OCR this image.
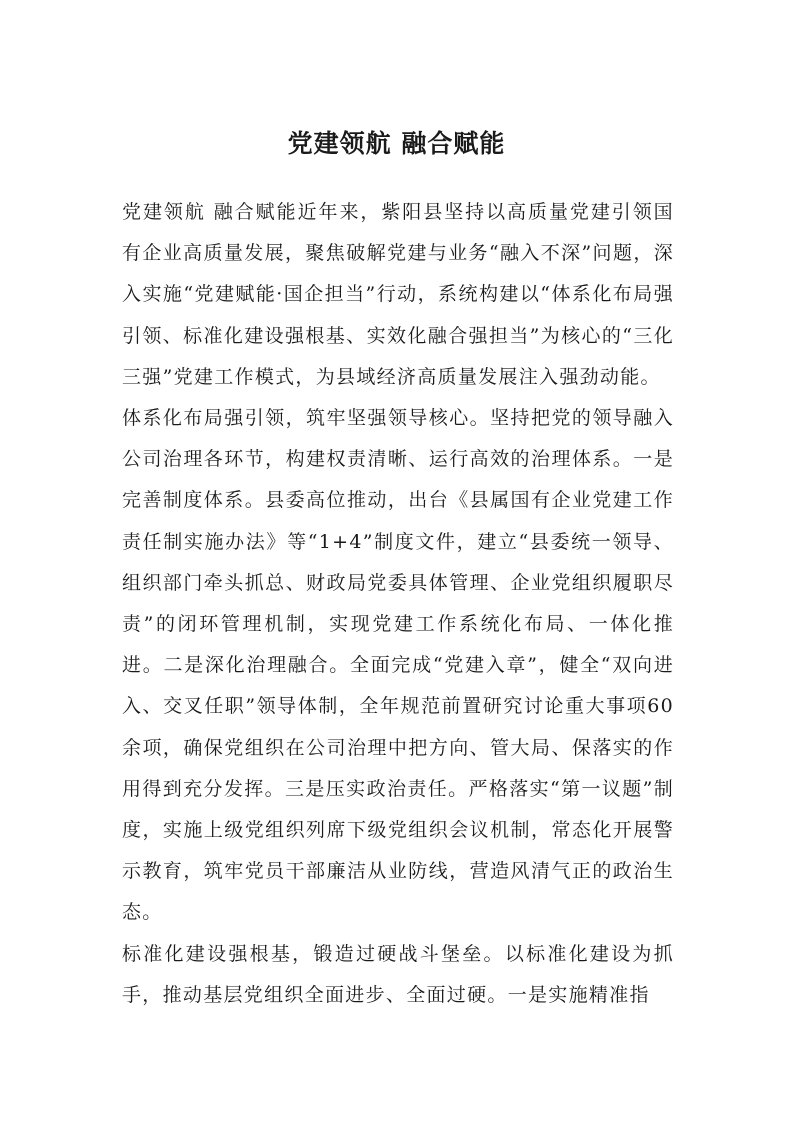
党建领航 融合赋能

党建领航 融合赋能近年来，紫阳县坚持以高质量党建引领国有企业高质量发展，聚焦破解党建与业务“融入不深”问题，深入实施“党建赋能·国企担当”行动，系统构建以“体系化布局强引领、标准化建设强根基、实效化融合强担当”为核心的“三化三强”党建工作模式，为县域经济高质量发展注入强劲动能。

体系化布局强引领，筑牢坚强领导核心。坚持把党的领导融入公司治理各环节，构建权责清晰、运行高效的治理体系。一是完善制度体系。县委高位推动，出台《县属国有企业党建工作责任制实施办法》等“1+4”制度文件，建立“县委统一领导、组织部门牵头抓总、财政局党委具体管理、企业党组织履职尽责”的闭环管理机制，实现党建工作系统化布局、一体化推进。二是深化治理融合。全面完成“党建入章”，健全“双向进入、交叉任职”领导体制，全年规范前置研究讨论重大事项60余项，确保党组织在公司治理中把方向、管大局、保落实的作用得到充分发挥。三是压实政治责任。严格落实“第一议题”制度，实施上级党组织列席下级党组织会议机制，常态化开展警示教育，筑牢党员干部廉洁从业防线，营造风清气正的政治生态。

标准化建设强根基，锻造过硬战斗堡垒。以标准化建设为抓手，推动基层党组织全面进步、全面过硬。一是实施精准指
